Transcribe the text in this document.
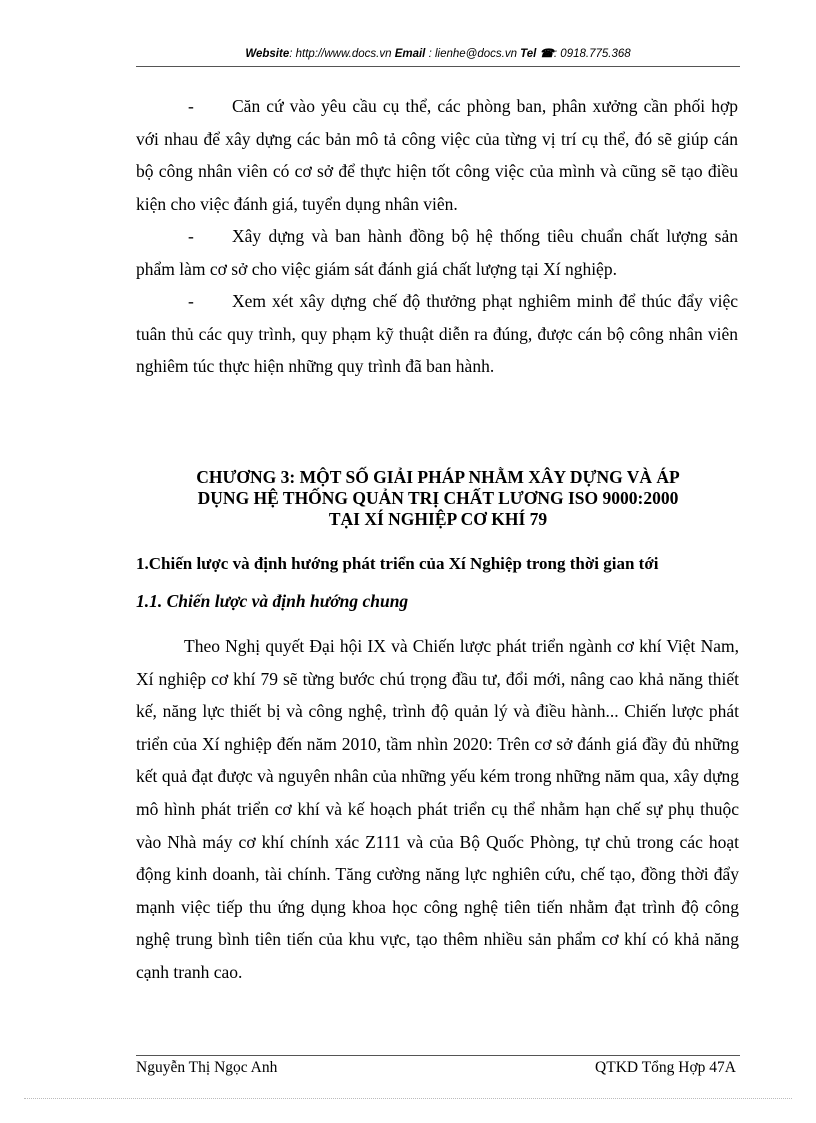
Website: http://www.docs.vn Email : lienhe@docs.vn Tel ☎: 0918.775.368

- Căn cứ vào yêu cầu cụ thể, các phòng ban, phân xưởng cần phối hợp với nhau để xây dựng các bản mô tả công việc của từng vị trí cụ thể, đó sẽ giúp cán bộ công nhân viên có cơ sở để thực hiện tốt công việc của mình và cũng sẽ tạo điều kiện cho việc đánh giá, tuyển dụng nhân viên.

- Xây dựng và ban hành đồng bộ hệ thống tiêu chuẩn chất lượng sản phẩm làm cơ sở cho việc giám sát đánh giá chất lượng tại Xí nghiệp.

- Xem xét xây dựng chế độ thưởng phạt nghiêm minh để thúc đẩy việc tuân thủ các quy trình, quy phạm kỹ thuật diễn ra đúng, được cán bộ công nhân viên nghiêm túc thực hiện những quy trình đã ban hành.

CHƯƠNG 3: MỘT SỐ GIẢI PHÁP NHẰM XÂY DỰNG VÀ ÁP
DỤNG HỆ THỐNG QUẢN TRỊ CHẤT LƯƠNG ISO 9000:2000
TẠI XÍ NGHIỆP CƠ KHÍ 79
1.Chiến lược và định hướng phát triển của Xí Nghiệp trong thời gian tới
1.1. Chiến lược và định hướng chung

Theo Nghị quyết Đại hội IX và Chiến lược phát triển ngành cơ khí Việt Nam, Xí nghiệp cơ khí 79 sẽ từng bước chú trọng đầu tư, đổi mới, nâng cao khả năng thiết kế, năng lực thiết bị và công nghệ, trình độ quản lý và điều hành... Chiến lược phát triển của Xí nghiệp đến năm 2010, tầm nhìn 2020: Trên cơ sở đánh giá đầy đủ những kết quả đạt được và nguyên nhân của những yếu kém trong những năm qua, xây dựng mô hình phát triển cơ khí và kế hoạch phát triển cụ thể nhằm hạn chế sự phụ thuộc vào Nhà máy cơ khí chính xác Z111 và của Bộ Quốc Phòng, tự chủ trong các hoạt động kinh doanh, tài chính. Tăng cường năng lực nghiên cứu, chế tạo, đồng thời đẩy mạnh việc tiếp thu ứng dụng khoa học công nghệ tiên tiến nhằm đạt trình độ công nghệ trung bình tiên tiến của khu vực, tạo thêm nhiều sản phẩm cơ khí có khả năng cạnh tranh cao.

Nguyễn Thị Ngọc Anh	QTKD Tổng Hợp 47A
